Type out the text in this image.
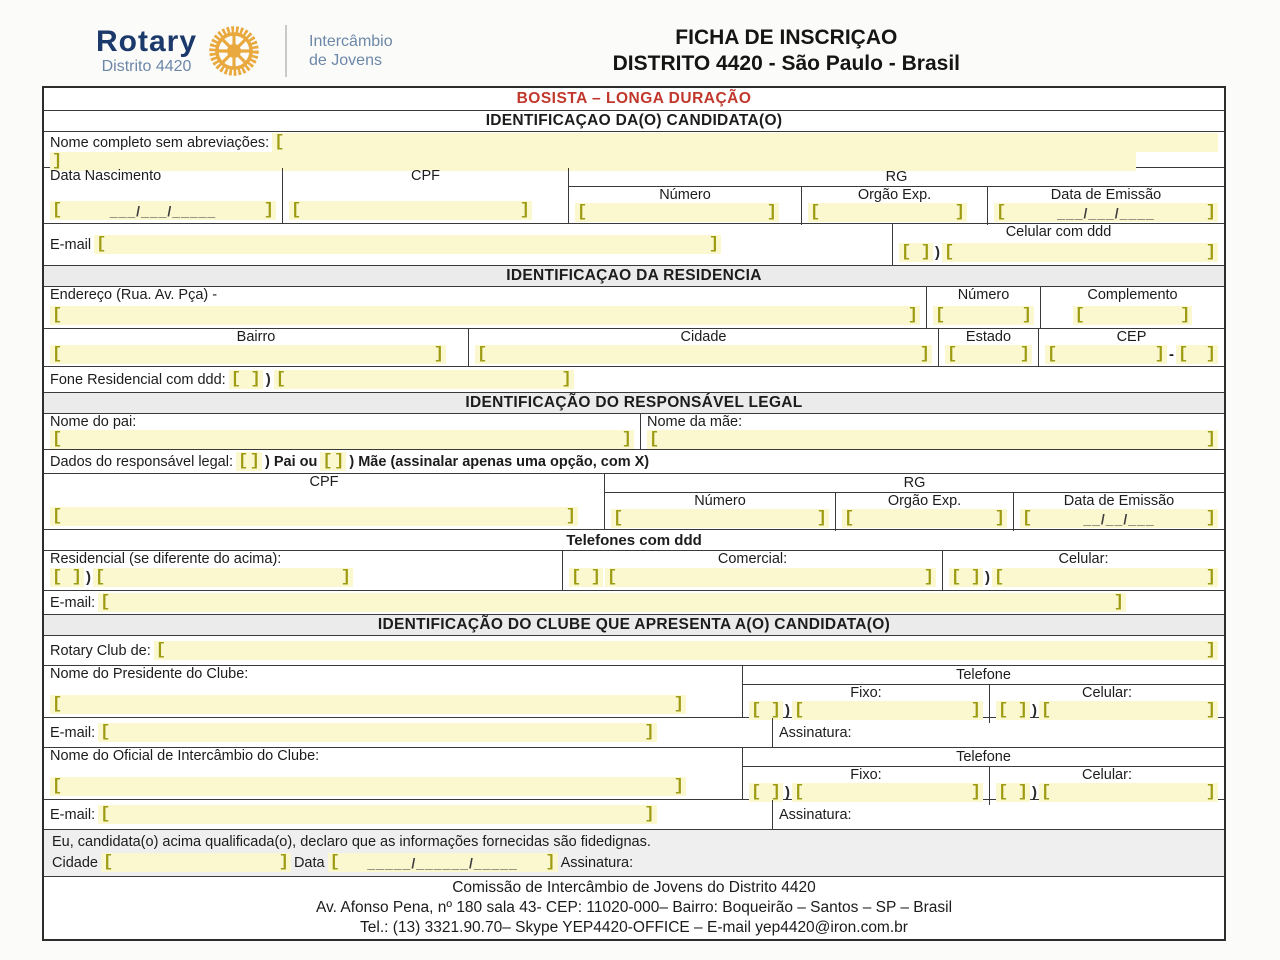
Rotary
Distrito 4420
Intercâmbio
de Jovens
FICHA DE INSCRIÇAO
DISTRITO 4420 - São Paulo - Brasil
BOSISTA – LONGA DURAÇÃO
IDENTIFICAÇAO DA(O) CANDIDATA(O)
Nome completo sem abreviações: [
]
Data Nascimento
[	___/___/_____	]
CPF
[	]
RG
Número
[	]
Orgão Exp.
[	]
Data de Emissão
[	___/___/____	]
E-mail [	]
Celular com ddd
[ ] ) [	]
IDENTIFICAÇAO DA RESIDENCIA
Endereço (Rua. Av. Pça) -
[	]
Número
[	]
Complemento
[	]
Bairro
[	]
Cidade
[	]
Estado
[	]
CEP
[	] - [ ]
Fone Residencial com ddd: [ ] ) [	]
IDENTIFICAÇÃO DO RESPONSÁVEL LEGAL
Nome do pai:
[	]
Nome da mãe:
[	]
Dados do responsável legal: [ ] ) Pai ou [ ] ) Mãe (assinalar apenas uma opção, com X)
CPF
[	]
RG
Número
[	]
Orgão Exp.
[	]
Data de Emissão
[	__/__/___	]
Telefones com ddd
Residencial (se diferente do acima):
[ ] ) [	]
Comercial:
[ ] [	]
Celular:
[ ] ) [	]
E-mail: [	]
IDENTIFICAÇÃO DO CLUBE QUE APRESENTA A(O) CANDIDATA(O)
Rotary Club de: [	]
Nome do Presidente do Clube:
[	]
Telefone
Fixo:
[ ] ) [	]
Celular:
[ ] ) [	]
E-mail: [	]	Assinatura:
Nome do Oficial de Intercâmbio do Clube:
[	]
Telefone
Fixo:
[ ] ) [	]
Celular:
[ ] ) [	]
E-mail: [	]	Assinatura:
Eu, candidata(o) acima qualificada(o), declaro que as informações fornecidas são fidedignas.
Cidade [	] Data [	_____/______/_____	] Assinatura:
Comissão de Intercâmbio de Jovens do Distrito 4420
Av. Afonso Pena, nº 180 sala 43- CEP: 11020-000– Bairro: Boqueirão – Santos – SP – Brasil
Tel.: (13) 3321.90.70– Skype YEP4420-OFFICE – E-mail yep4420@iron.com.br
